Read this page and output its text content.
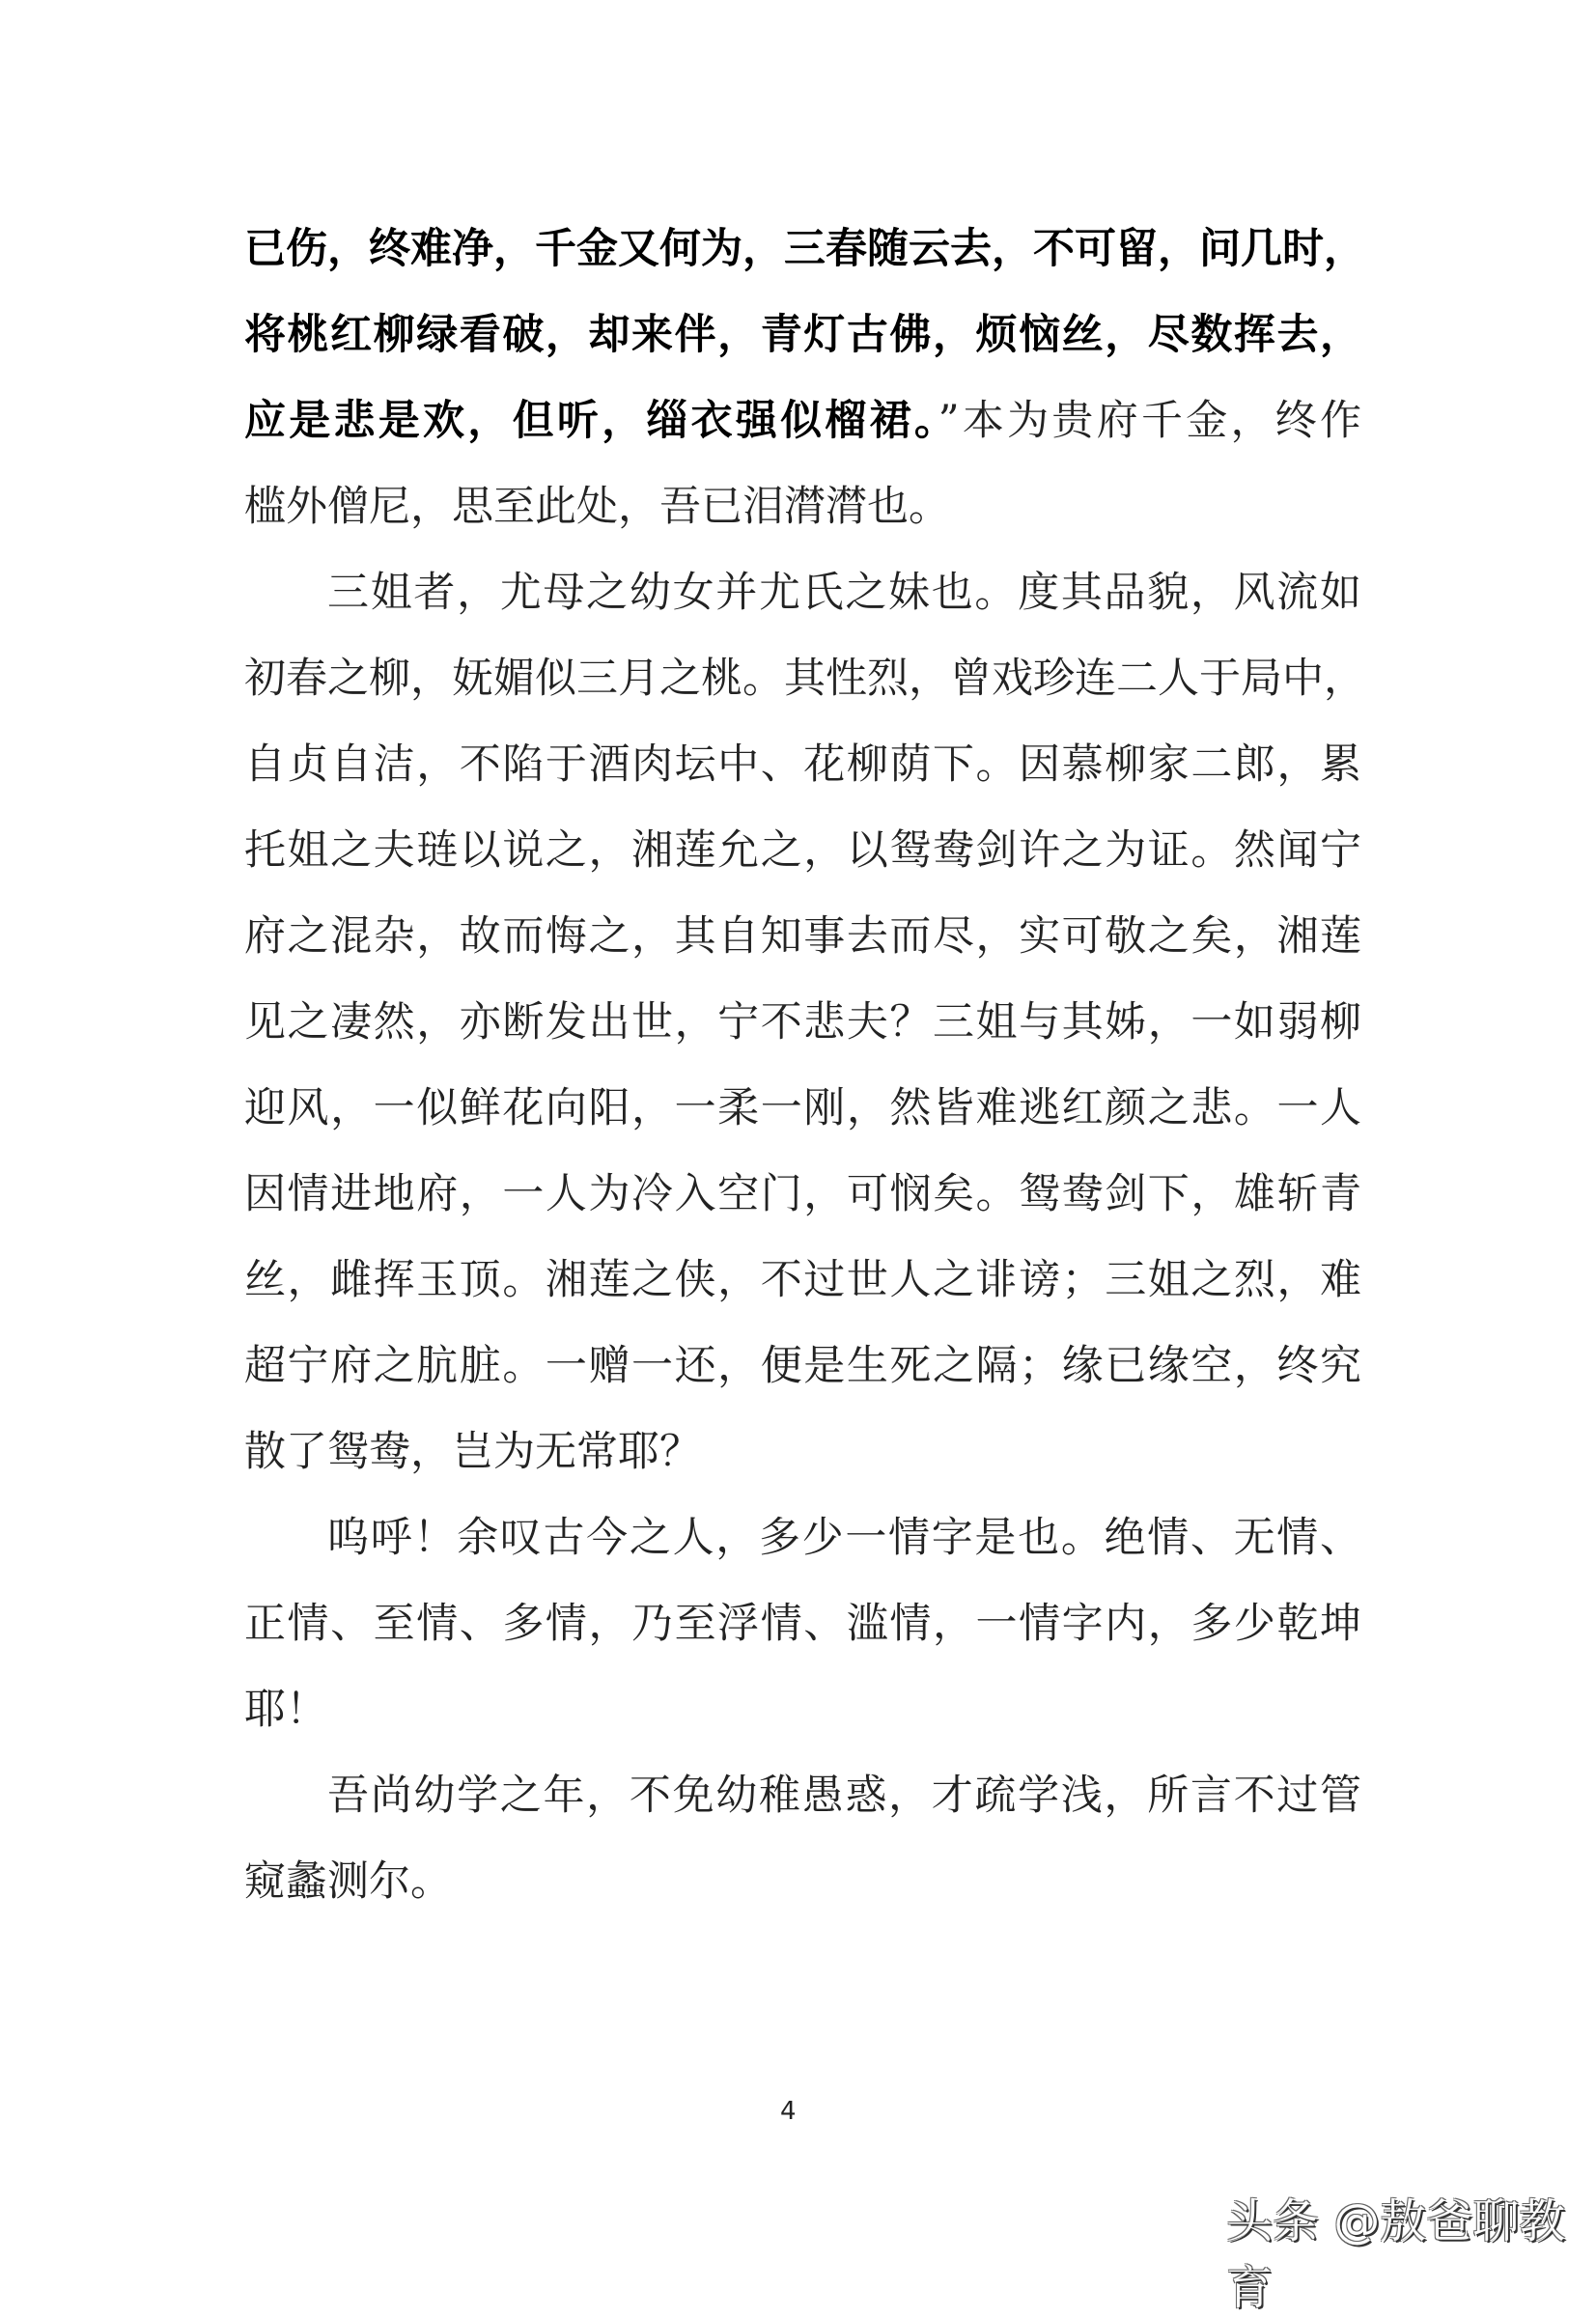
已伤，终难净，千金又何为，三春随云去，不可留，问几时，
将桃红柳绿看破，却来伴，青灯古佛，烦恼丝，尽数挥去，
应是悲是欢，但听，缁衣强似榴裙。”本为贵府千金，终作
槛外僧尼，思至此处，吾已泪潸潸也。
三姐者，尤母之幼女并尤氏之妹也。度其品貌，风流如
初春之柳，妩媚似三月之桃。其性烈，曾戏珍连二人于局中，
自贞自洁，不陷于酒肉坛中、花柳荫下。因慕柳家二郎，累
托姐之夫琏以说之，湘莲允之，以鸳鸯剑许之为证。然闻宁
府之混杂，故而悔之，其自知事去而尽，实可敬之矣，湘莲
见之凄然，亦断发出世，宁不悲夫？三姐与其姊，一如弱柳
迎风，一似鲜花向阳，一柔一刚，然皆难逃红颜之悲。一人
因情进地府，一人为冷入空门，可悯矣。鸳鸯剑下，雄斩青
丝，雌挥玉顶。湘莲之侠，不过世人之诽谤；三姐之烈，难
超宁府之肮脏。一赠一还，便是生死之隔；缘已缘空，终究
散了鸳鸯，岂为无常耶？
呜呼！余叹古今之人，多少一情字是也。绝情、无情、
正情、至情、多情，乃至浮情、滥情，一情字内，多少乾坤
耶！
吾尚幼学之年，不免幼稚愚惑，才疏学浅，所言不过管
窥蠡测尔。
4
头条 @敖爸聊教育
